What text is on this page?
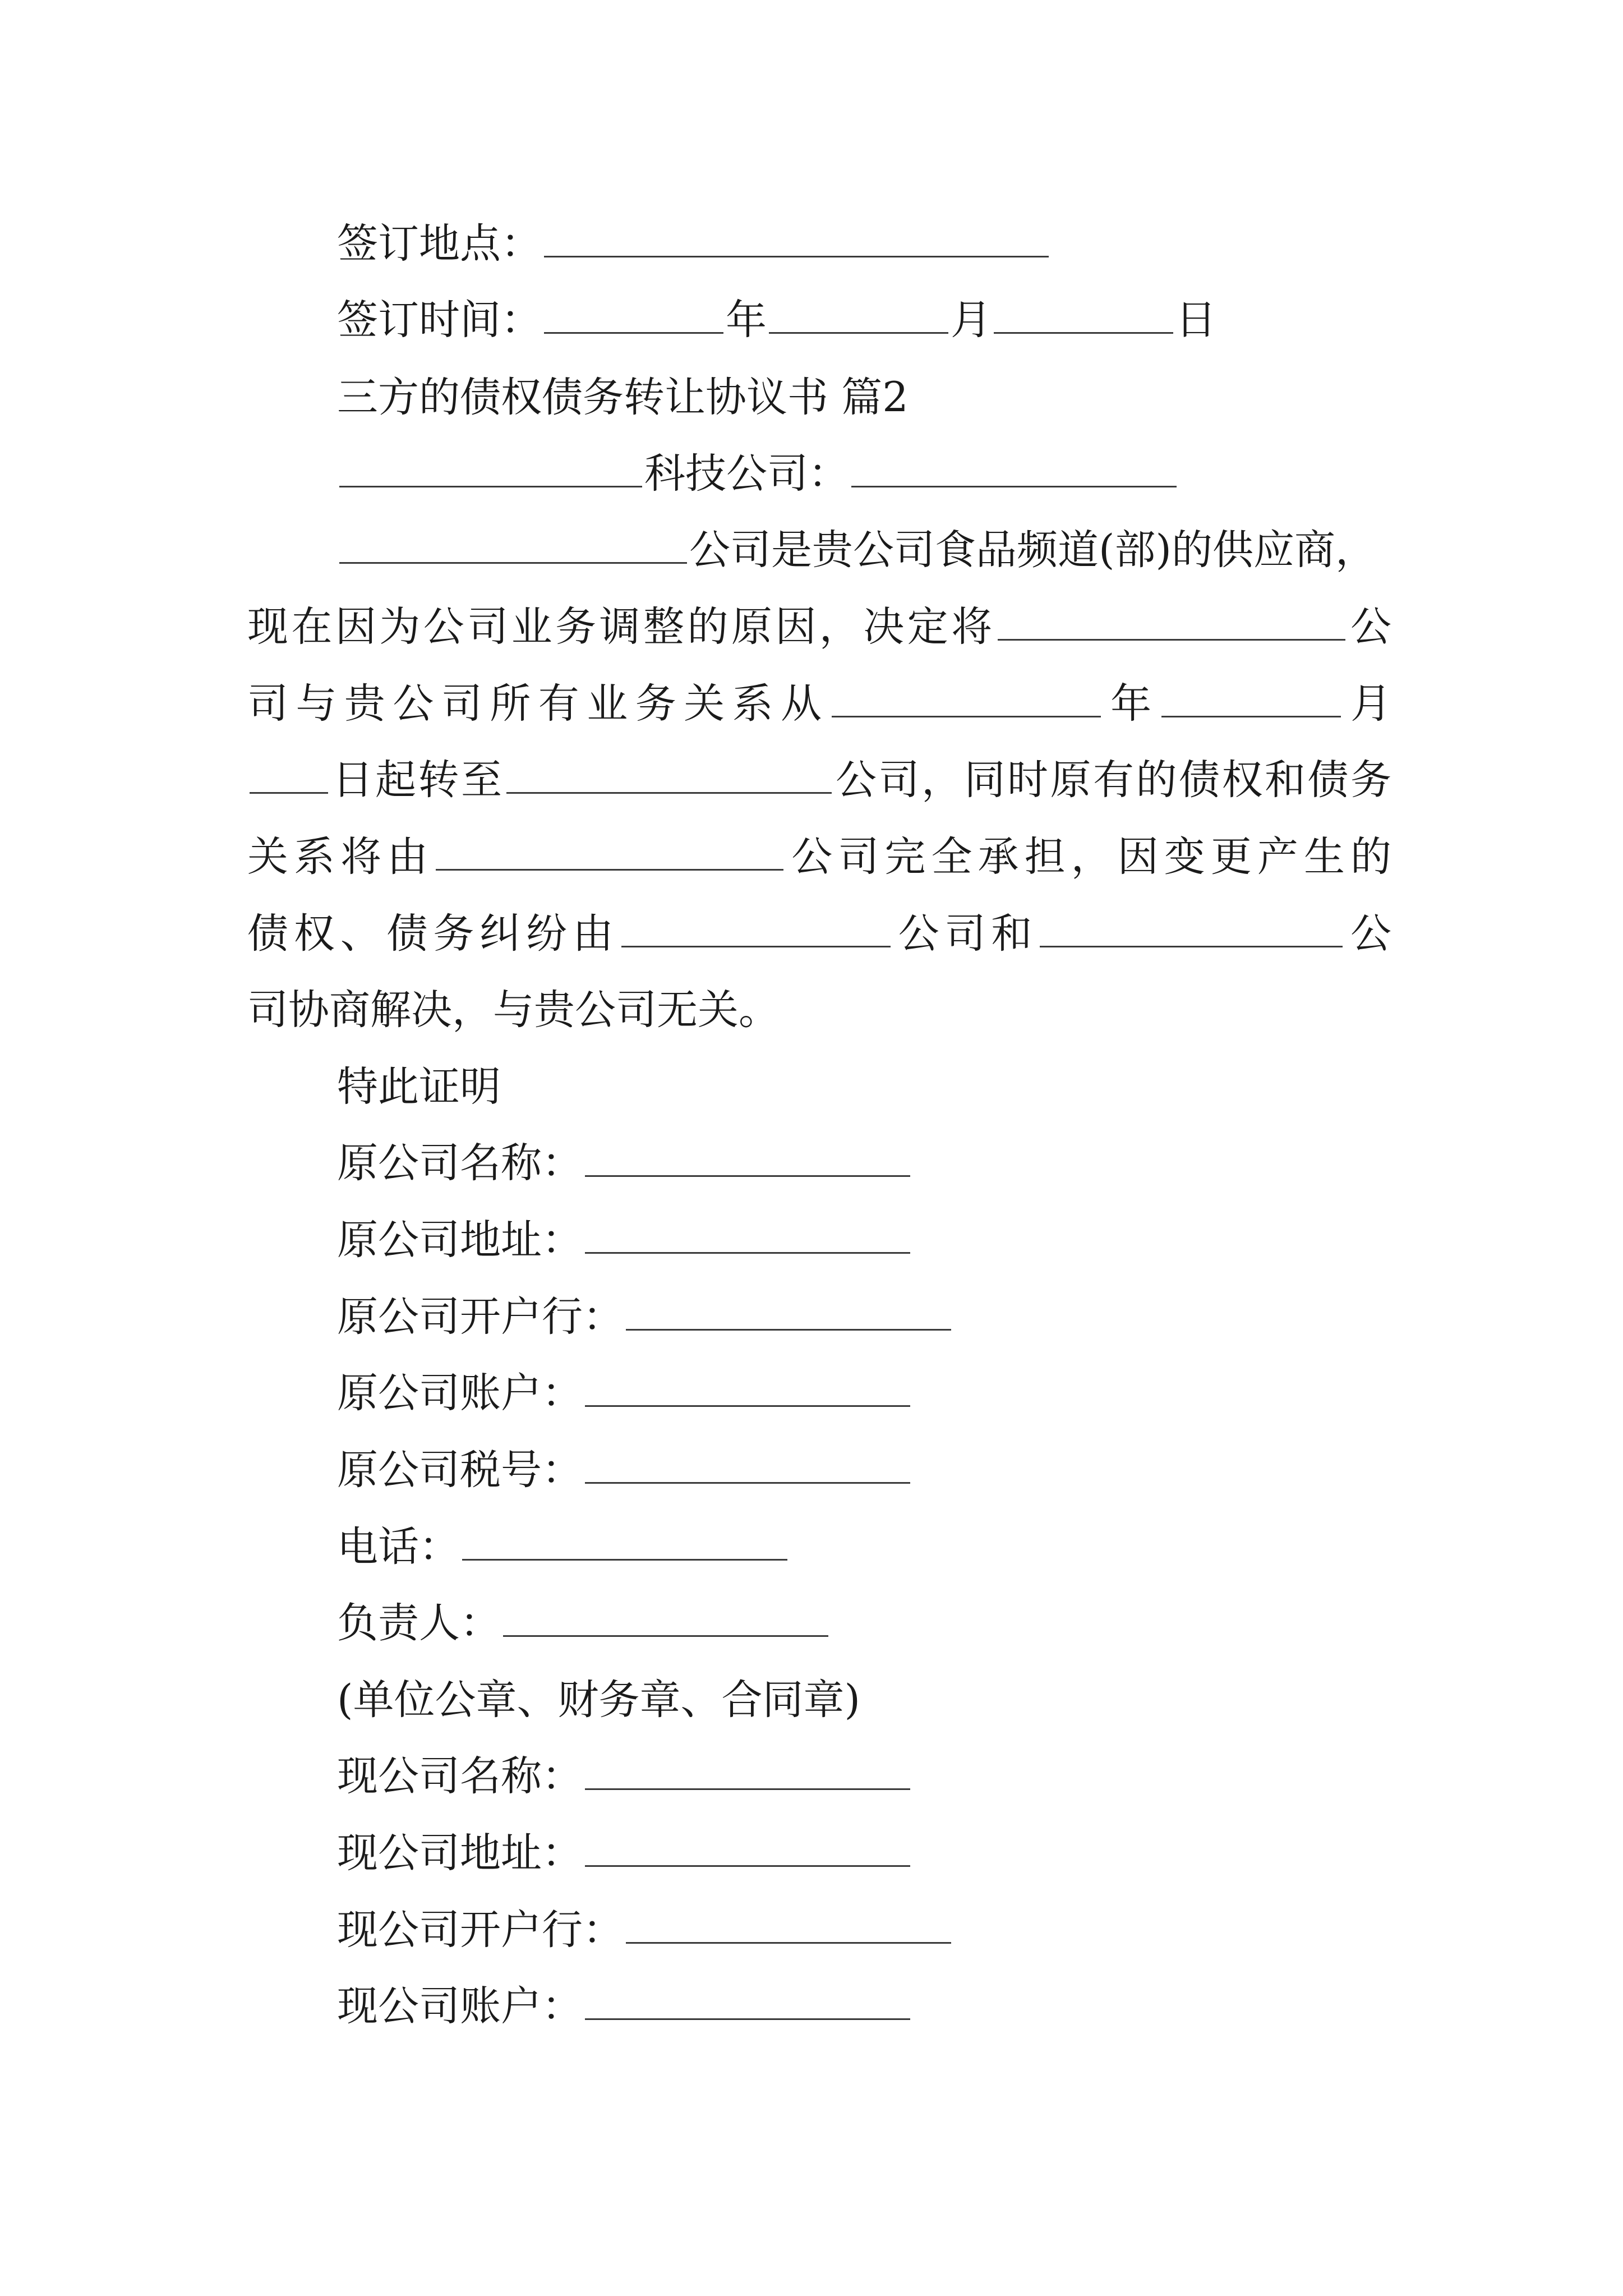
签订地点：
签订时间：	年	月	日
三方的债权债务转让协议书 篇2
科技公司：
公司是贵公司食品频道(部)的供应商，
现在因为公司业务调整的原因，决定将	公
司与贵公司所有业务关系从	年	月
日起转至	公司，同时原有的债权和债务
关系将由	公司完全承担，因变更产生的
债权、债务纠纷由	公司和	公
司协商解决，与贵公司无关。
特此证明
原公司名称：
原公司地址：
原公司开户行：
原公司账户：
原公司税号：
电话：
负责人：
(单位公章、财务章、合同章)
现公司名称：
现公司地址：
现公司开户行：
现公司账户：
